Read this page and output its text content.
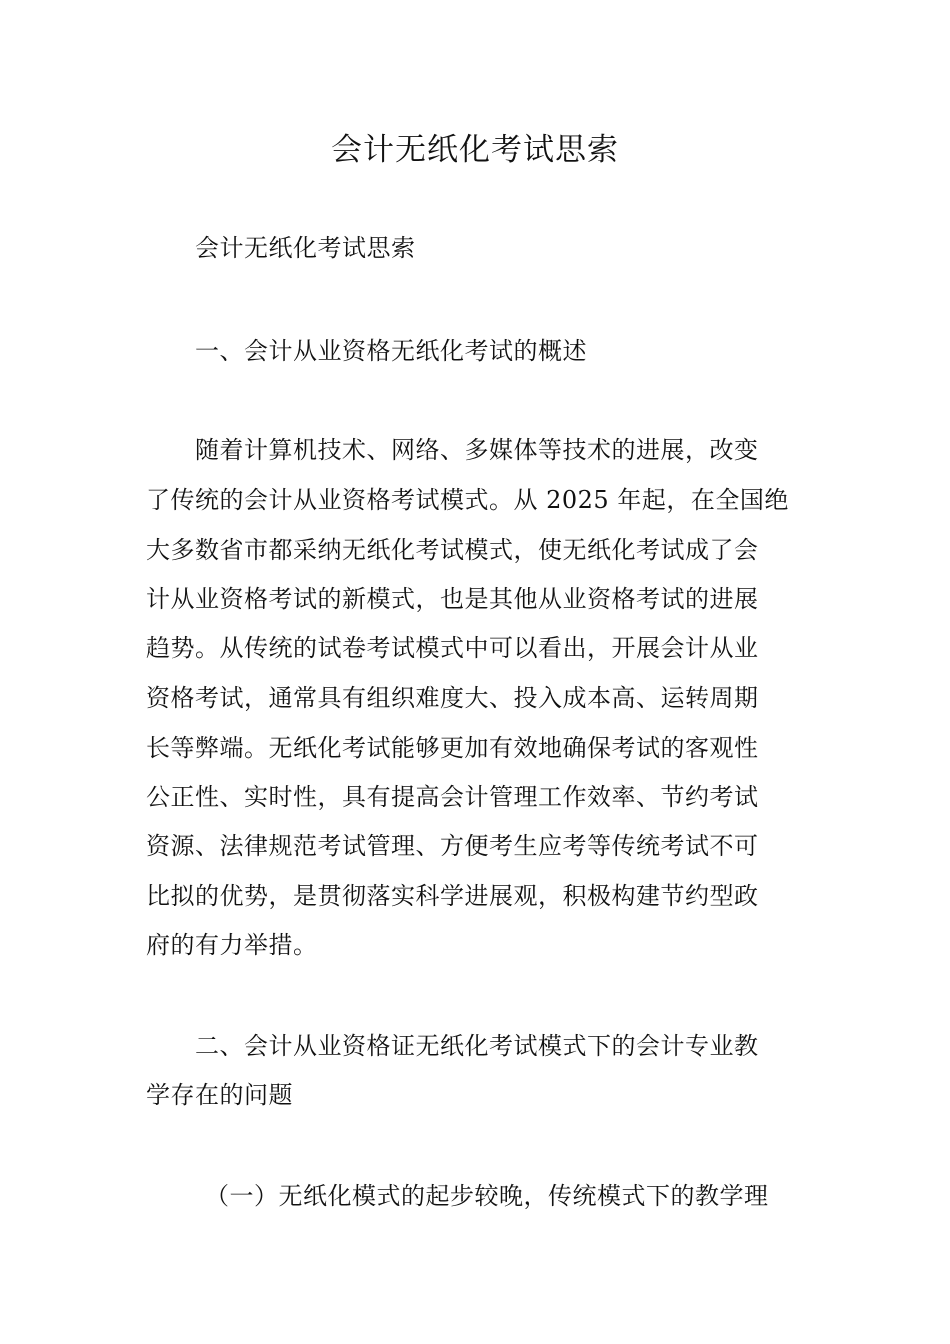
会计无纸化考试思索
会计无纸化考试思索
一、会计从业资格无纸化考试的概述
随着计算机技术、网络、多媒体等技术的进展，改变
了传统的会计从业资格考试模式。从 2025 年起，在全国绝
大多数省市都采纳无纸化考试模式，使无纸化考试成了会
计从业资格考试的新模式，也是其他从业资格考试的进展
趋势。从传统的试卷考试模式中可以看出，开展会计从业
资格考试，通常具有组织难度大、投入成本高、运转周期
长等弊端。无纸化考试能够更加有效地确保考试的客观性
公正性、实时性，具有提高会计管理工作效率、节约考试
资源、法律规范考试管理、方便考生应考等传统考试不可
比拟的优势，是贯彻落实科学进展观，积极构建节约型政
府的有力举措。
二、会计从业资格证无纸化考试模式下的会计专业教
学存在的问题
（一）无纸化模式的起步较晚，传统模式下的教学理
